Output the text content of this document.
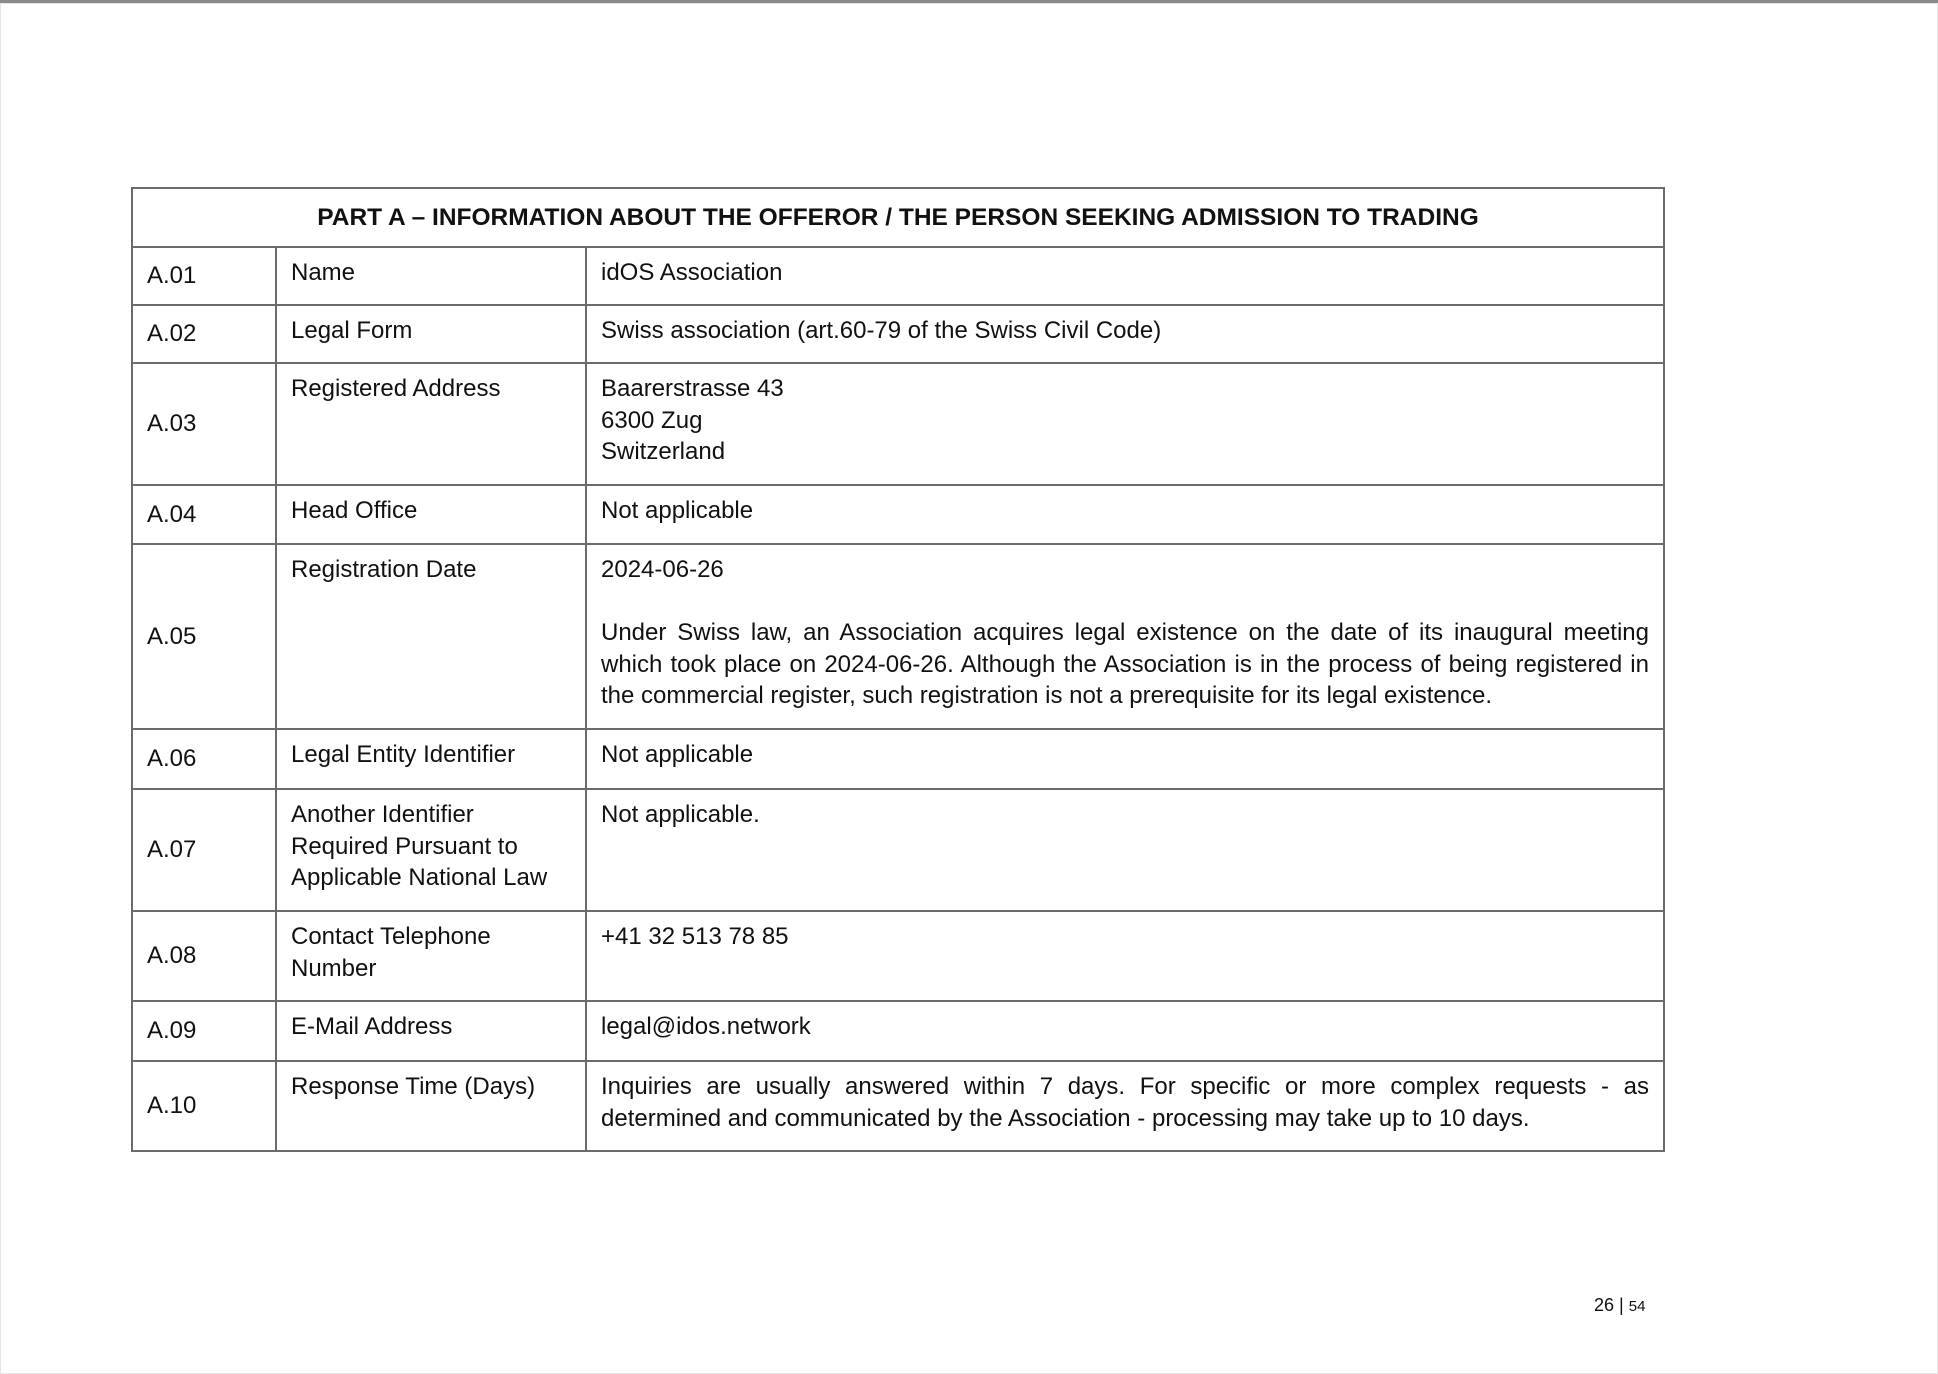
PART A – INFORMATION ABOUT THE OFFEROR / THE PERSON SEEKING ADMISSION TO TRADING		
A.01	Name	idOS Association

A.02	Legal Form	Swiss association (art.60-79 of the Swiss Civil Code)

A.03	Registered Address	Baarerstrasse 43
6300 Zug
Switzerland

A.04	Head Office	Not applicable

A.05	Registration Date	2024-06-26
Under Swiss law, an Association acquires legal existence on the date of its inaugural meeting which took place on 2024-06-26. Although the Association is in the process of being registered in the commercial register, such registration is not a prerequisite for its legal existence.

A.06	Legal Entity Identifier	Not applicable

A.07	Another Identifier Required Pursuant to Applicable National Law	Not applicable.

A.08	Contact Telephone Number	+41 32 513 78 85

A.09	E-Mail Address	legal@idos.network

A.10	Response Time (Days)	Inquiries are usually answered within 7 days. For specific or more complex requests - as determined and communicated by the Association - processing may take up to 10 days.
26 | 54
